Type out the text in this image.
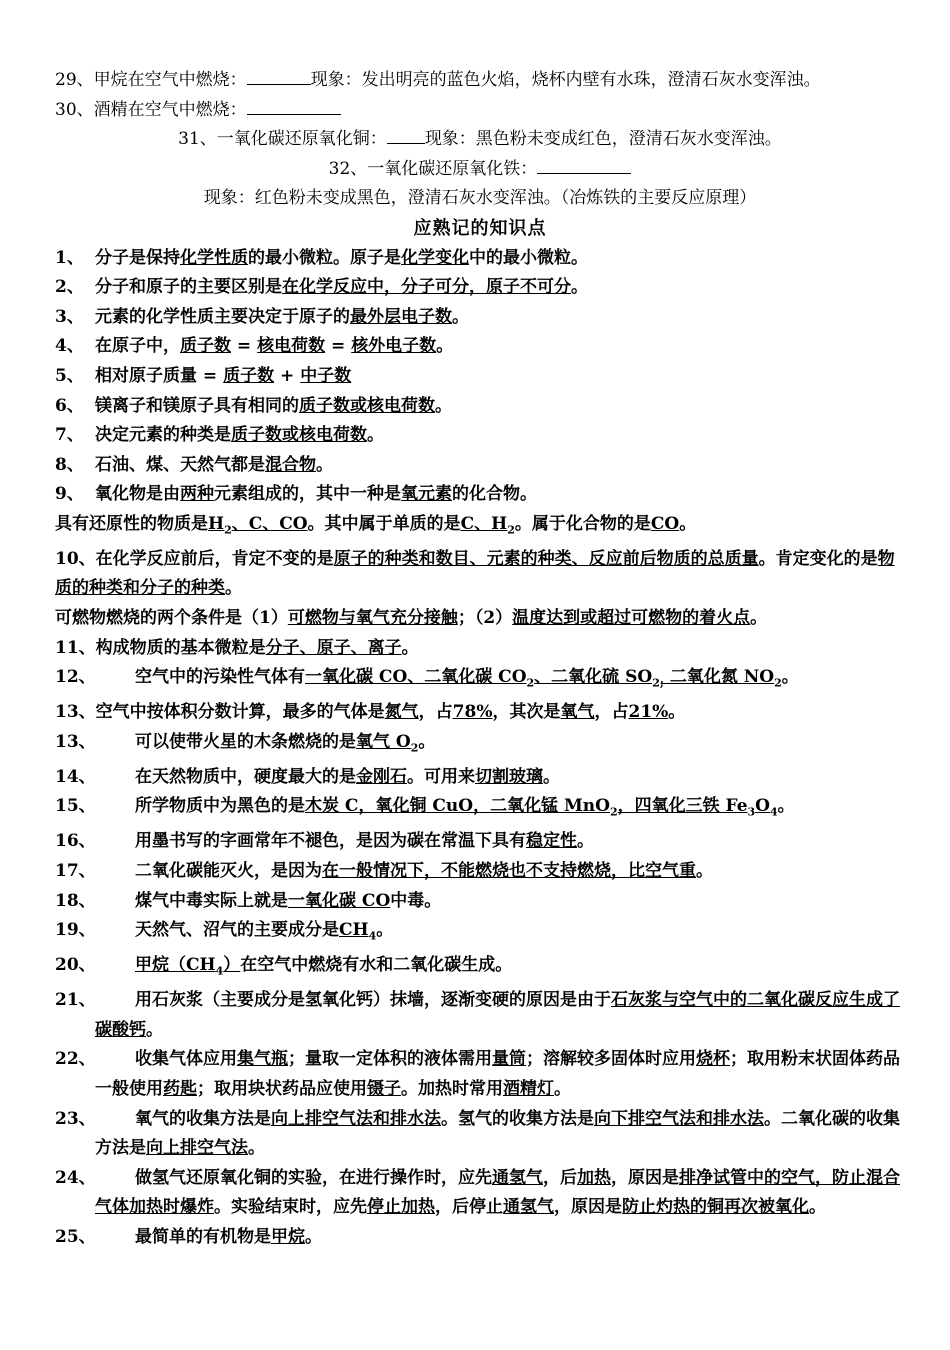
29、甲烷在空气中燃烧：	现象：发出明亮的蓝色火焰，烧杯内壁有水珠，澄清石灰水变浑浊。
30、酒精在空气中燃烧：
31、一氧化碳还原氧化铜： 现象：黑色粉未变成红色，澄清石灰水变浑浊。
32、一氧化碳还原氧化铁：
现象：红色粉未变成黑色，澄清石灰水变浑浊。（冶炼铁的主要反应原理）
应熟记的知识点
1、 分子是保持化学性质的最小微粒。原子是化学变化中的最小微粒。
2、 分子和原子的主要区别是在化学反应中，分子可分，原子不可分。
3、 元素的化学性质主要决定于原子的最外层电子数。
4、 在原子中，质子数 = 核电荷数 = 核外电子数。
5、 相对原子质量 = 质子数 + 中子数
6、 镁离子和镁原子具有相同的质子数或核电荷数。
7、 决定元素的种类是质子数或核电荷数。
8、 石油、煤、天然气都是混合物。
9、 氧化物是由两种元素组成的，其中一种是氧元素的化合物。
具有还原性的物质是$H_2$、C、CO。其中属于单质的是C、$H_2$。属于化合物的是CO。
10、在化学反应前后，肯定不变的是原子的种类和数目、元素的种类、反应前后物质的总质量。肯定变化的是物质的种类和分子的种类。
可燃物燃烧的两个条件是（1）可燃物与氧气充分接触；（2）温度达到或超过可燃物的着火点。
11、构成物质的基本微粒是分子、原子、离子。
12、 空气中的污染性气体有一氧化碳 CO、二氧化碳 $CO_2$、二氧化硫 $SO_{2;}$ 二氧化氮 $NO_2$。
13、空气中按体积分数计算，最多的气体是氮气，占78%，其次是氧气，占21%。
13、 可以使带火星的木条燃烧的是氧气 $O_2$。
14、 在天然物质中，硬度最大的是金刚石。可用来切割玻璃。
15、 所学物质中为黑色的是木炭 C，氧化铜 CuO，二氧化锰 MnO$_2$，四氧化三铁 $Fe_3O_4$。
16、 用墨书写的字画常年不褪色，是因为碳在常温下具有稳定性。
17、 二氧化碳能灭火，是因为在一般情况下，不能燃烧也不支持燃烧，比空气重。
18、 煤气中毒实际上就是一氧化碳 CO中毒。
19、 天然气、沼气的主要成分是$CH_4$。
20、 甲烷$(CH_4)$在空气中燃烧有水和二氧化碳生成。
21、 用石灰浆（主要成分是氢氧化钙）抹墙，逐渐变硬的原因是由于石灰浆与空气中的二氧化碳反应生成了碳酸钙。
22、 收集气体应用集气瓶；量取一定体积的液体需用量筒；溶解较多固体时应用烧杯；取用粉末状固体药品一般使用药匙；取用块状药品应使用镊子。加热时常用酒精灯。
23、 氧气的收集方法是向上排空气法和排水法。氢气的收集方法是向下排空气法和排水法。二氧化碳的收集方法是向上排空气法。
24、 做氢气还原氧化铜的实验，在进行操作时，应先通氢气，后加热，原因是排净试管中的空气，防止混合气体加热时爆炸。实验结束时，应先停止加热，后停止通氢气，原因是防止灼热的铜再次被氧化。
25、 最简单的有机物是甲烷。
